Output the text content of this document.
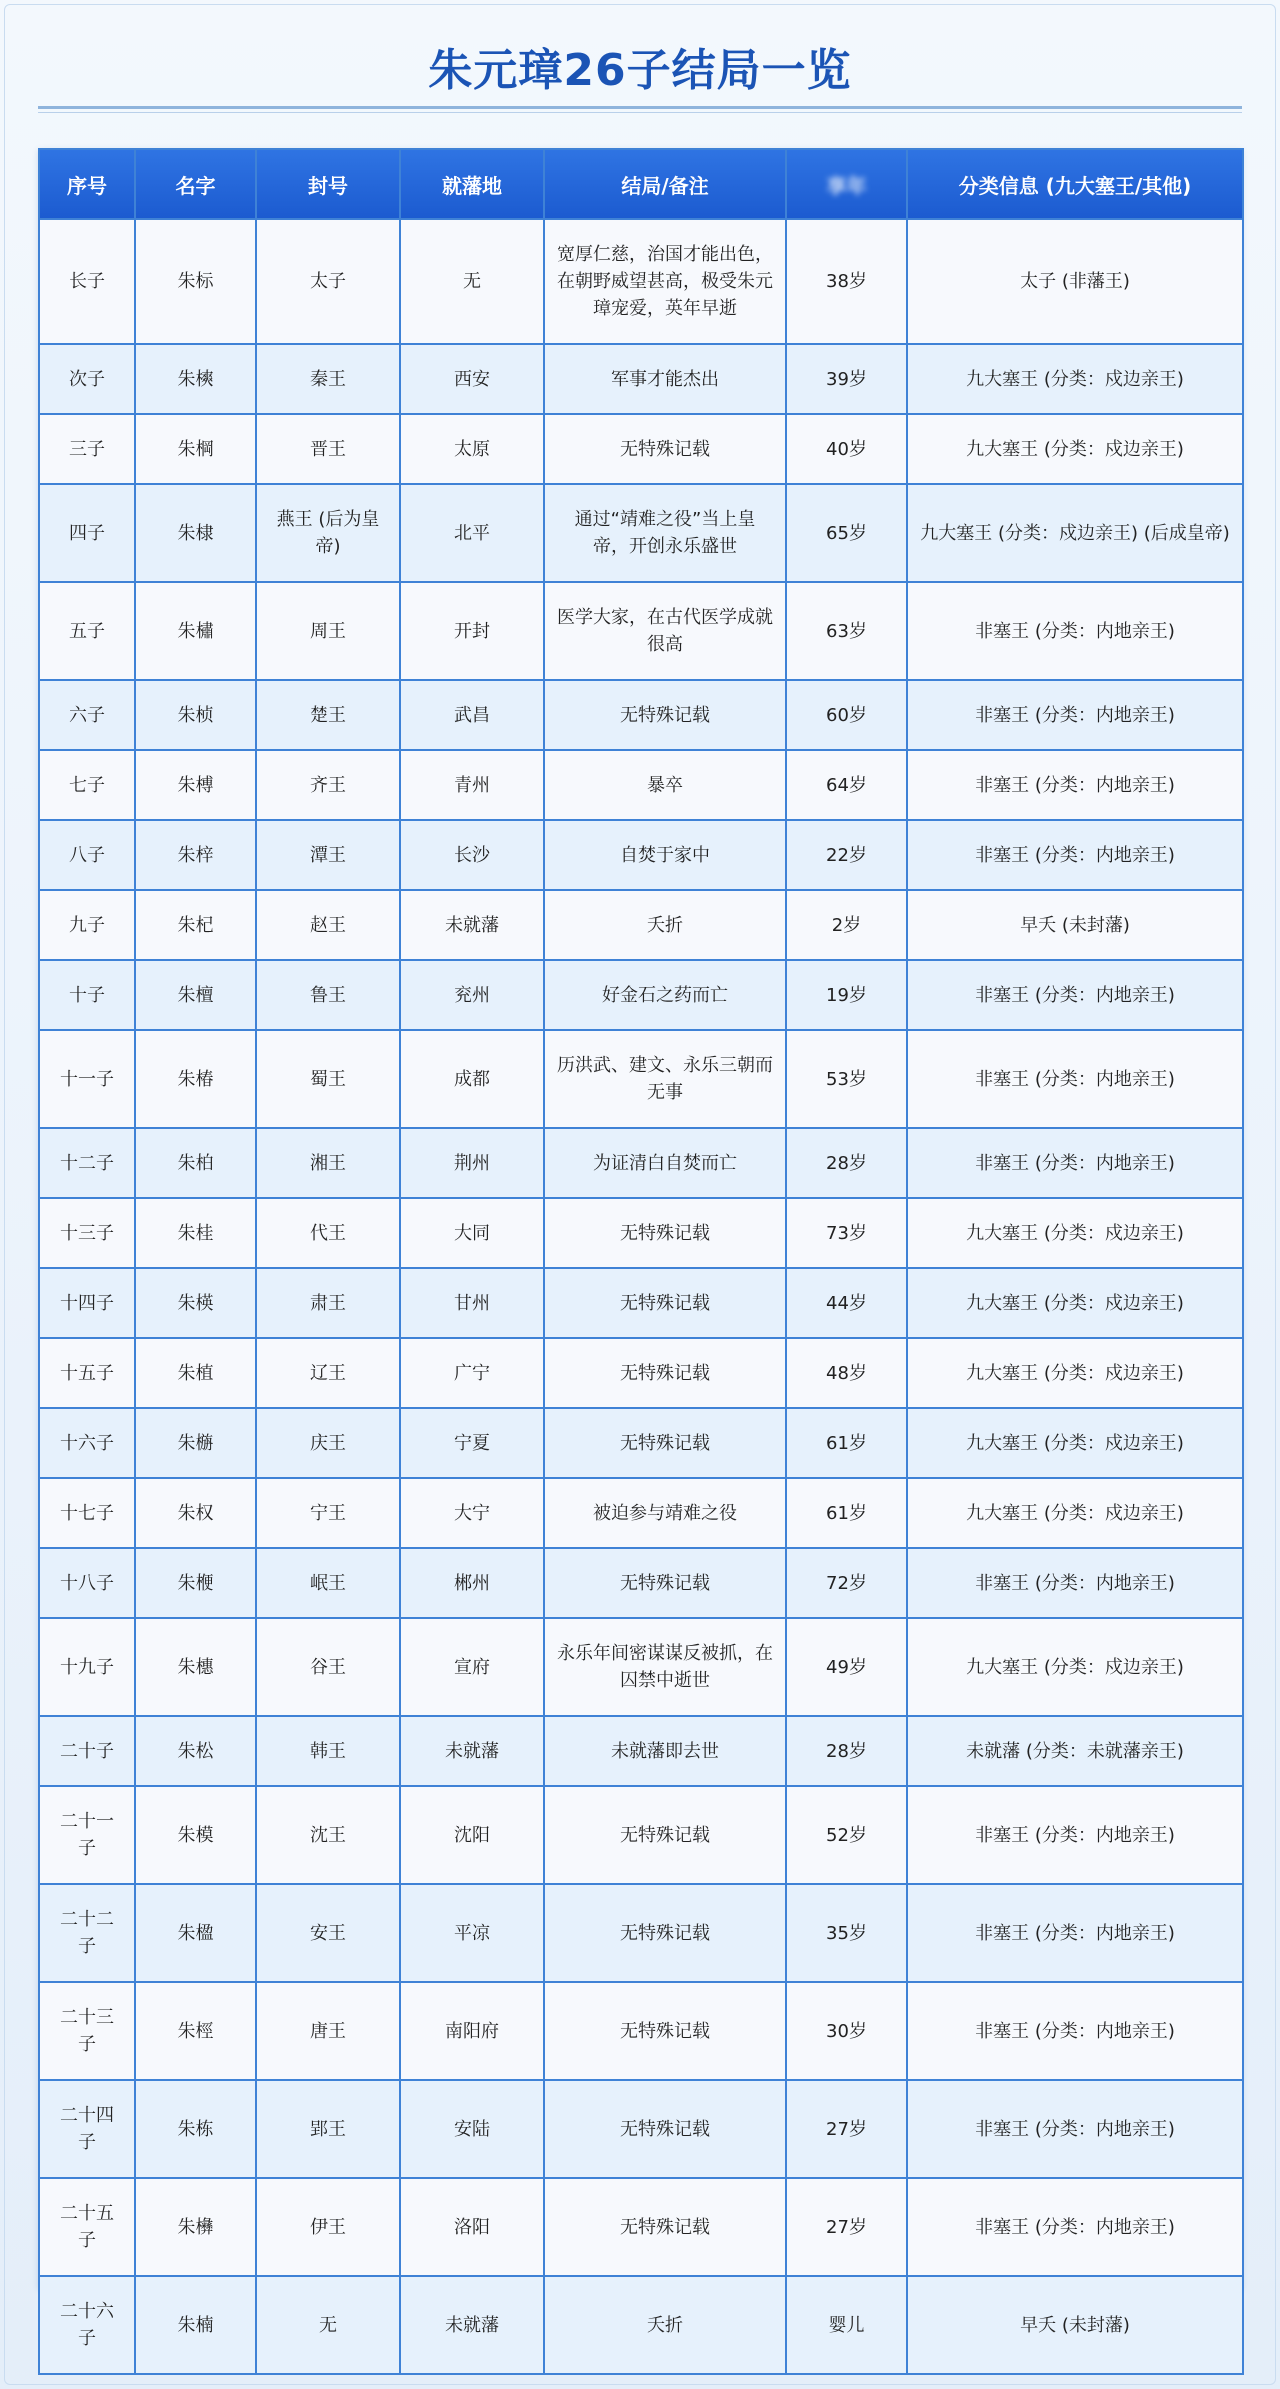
朱元璋26子结局一览
序号	名字	封号	就藩地	结局/备注	享年	分类信息 (九大塞王/其他)
长子	朱标	太子	无	宽厚仁慈，治国才能出色，在朝野威望甚高，极受朱元璋宠爱，英年早逝	38岁	太子 (非藩王)
次子	朱樉	秦王	西安	军事才能杰出	39岁	九大塞王 (分类：戍边亲王)
三子	朱棡	晋王	太原	无特殊记载	40岁	九大塞王 (分类：戍边亲王)
四子	朱棣	燕王 (后为皇帝)	北平	通过“靖难之役”当上皇帝，开创永乐盛世	65岁	九大塞王 (分类：戍边亲王) (后成皇帝)
五子	朱橚	周王	开封	医学大家，在古代医学成就很高	63岁	非塞王 (分类：内地亲王)
六子	朱桢	楚王	武昌	无特殊记载	60岁	非塞王 (分类：内地亲王)
七子	朱榑	齐王	青州	暴卒	64岁	非塞王 (分类：内地亲王)
八子	朱梓	潭王	长沙	自焚于家中	22岁	非塞王 (分类：内地亲王)
九子	朱杞	赵王	未就藩	夭折	2岁	早夭 (未封藩)
十子	朱檀	鲁王	兖州	好金石之药而亡	19岁	非塞王 (分类：内地亲王)
十一子	朱椿	蜀王	成都	历洪武、建文、永乐三朝而无事	53岁	非塞王 (分类：内地亲王)
十二子	朱柏	湘王	荆州	为证清白自焚而亡	28岁	非塞王 (分类：内地亲王)
十三子	朱桂	代王	大同	无特殊记载	73岁	九大塞王 (分类：戍边亲王)
十四子	朱楧	肃王	甘州	无特殊记载	44岁	九大塞王 (分类：戍边亲王)
十五子	朱植	辽王	广宁	无特殊记载	48岁	九大塞王 (分类：戍边亲王)
十六子	朱㮵	庆王	宁夏	无特殊记载	61岁	九大塞王 (分类：戍边亲王)
十七子	朱权	宁王	大宁	被迫参与靖难之役	61岁	九大塞王 (分类：戍边亲王)
十八子	朱楩	岷王	郴州	无特殊记载	72岁	非塞王 (分类：内地亲王)
十九子	朱橞	谷王	宣府	永乐年间密谋谋反被抓，在囚禁中逝世	49岁	九大塞王 (分类：戍边亲王)
二十子	朱松	韩王	未就藩	未就藩即去世	28岁	未就藩 (分类：未就藩亲王)
二十一子	朱模	沈王	沈阳	无特殊记载	52岁	非塞王 (分类：内地亲王)
二十二子	朱楹	安王	平凉	无特殊记载	35岁	非塞王 (分类：内地亲王)
二十三子	朱桱	唐王	南阳府	无特殊记载	30岁	非塞王 (分类：内地亲王)
二十四子	朱栋	郢王	安陆	无特殊记载	27岁	非塞王 (分类：内地亲王)
二十五子	朱㰘	伊王	洛阳	无特殊记载	27岁	非塞王 (分类：内地亲王)
二十六子	朱楠	无	未就藩	夭折	婴儿	早夭 (未封藩)
